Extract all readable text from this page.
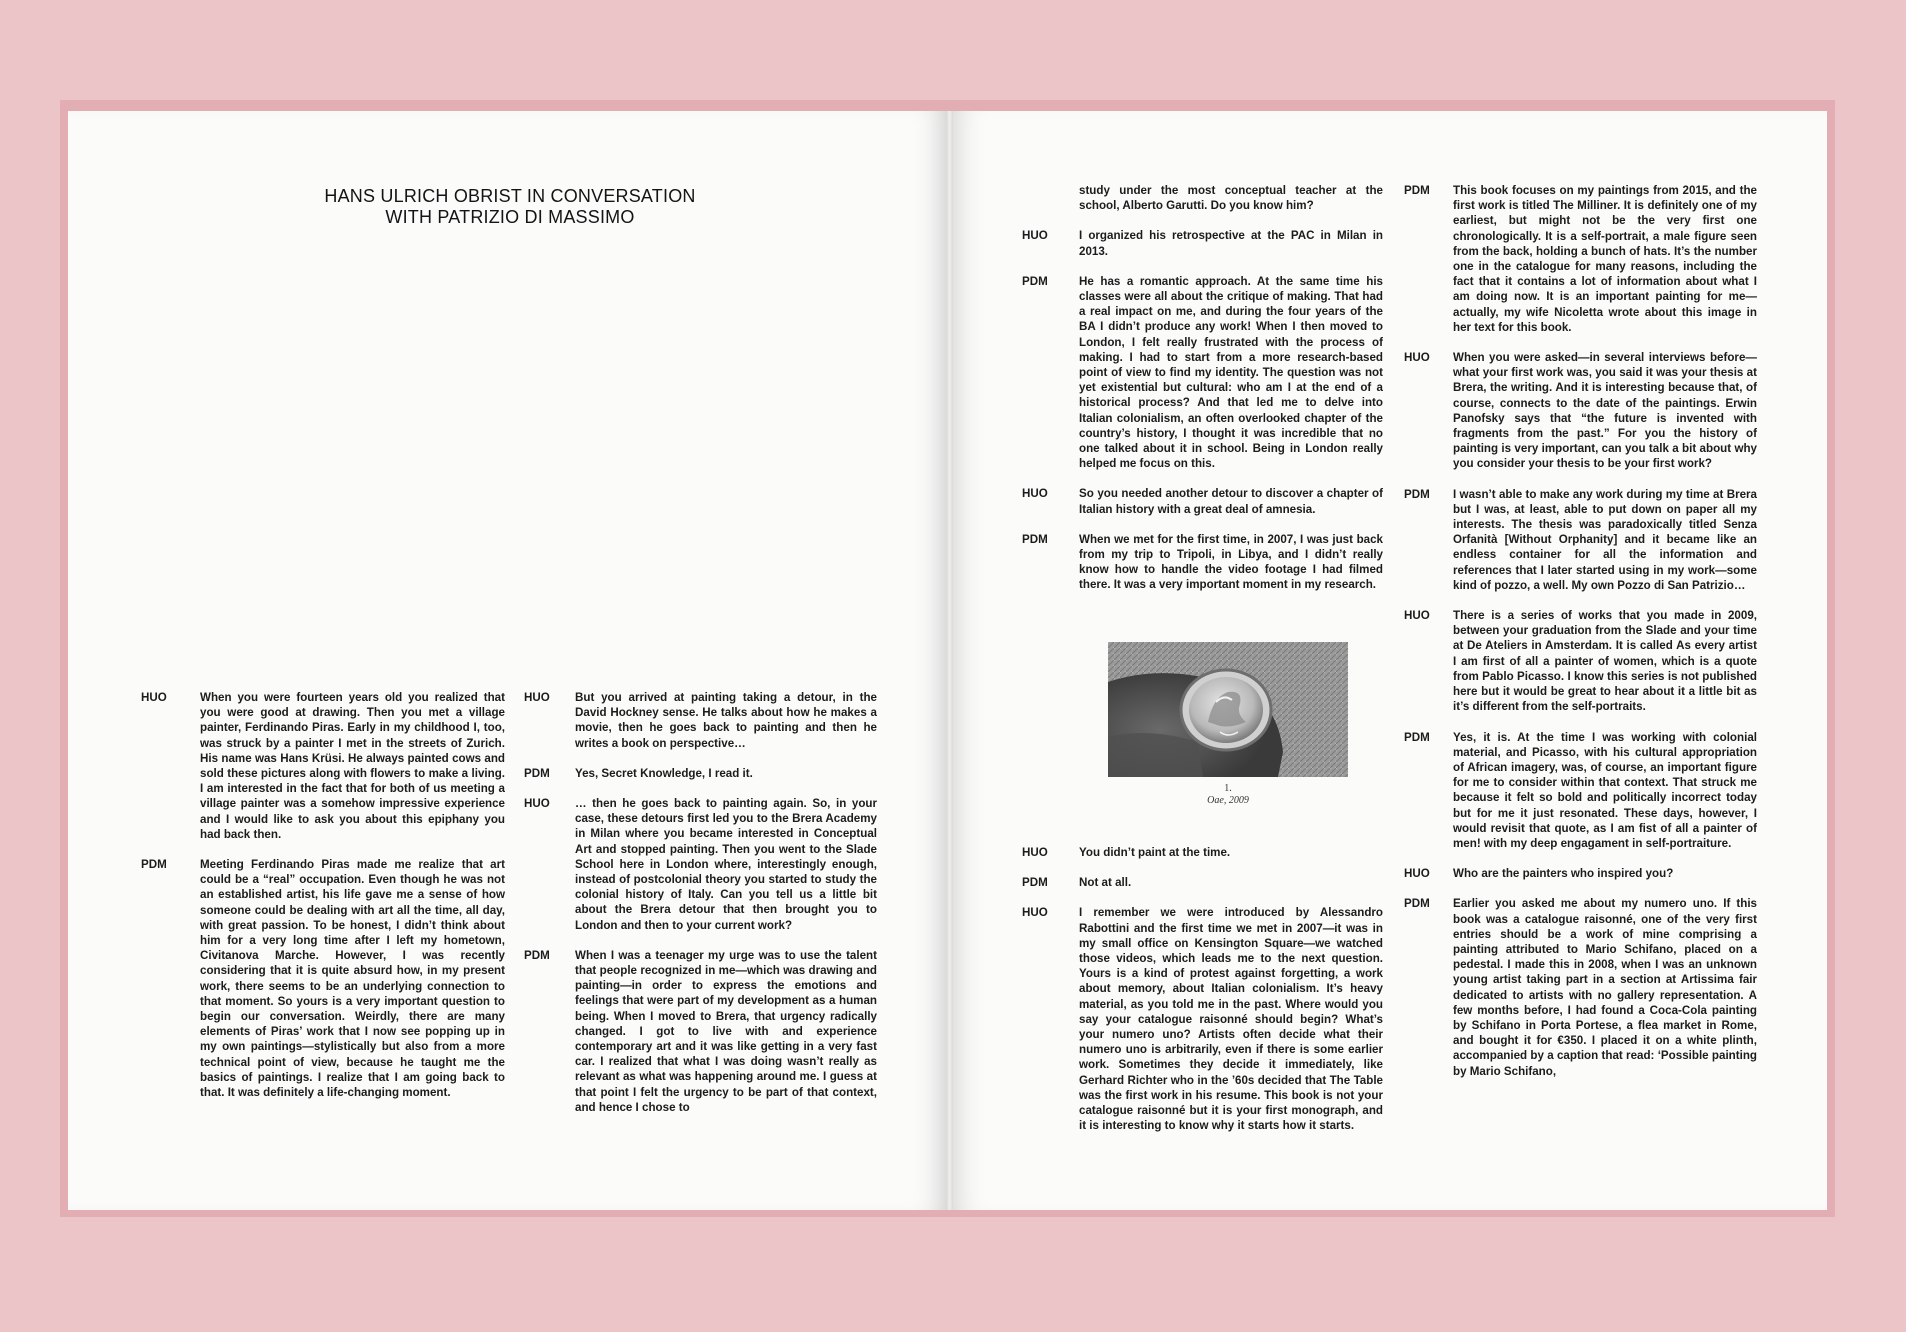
HANS ULRICH OBRIST IN CONVERSATION
WITH PATRIZIO DI MASSIMO
HUO	When you were fourteen years old you realized that you were good at drawing. Then you met a village painter, Ferdinando Piras. Early in my childhood I, too, was struck by a painter I met in the streets of Zurich. His name was Hans Krüsi. He always painted cows and sold these pictures along with flowers to make a living. I am interested in the fact that for both of us meeting a village painter was a somehow impressive experience and I would like to ask you about this epiphany you had back then.
PDM	Meeting Ferdinando Piras made me realize that art could be a “real” occupation. Even though he was not an established artist, his life gave me a sense of how someone could be dealing with art all the time, all day, with great passion. To be honest, I didn’t think about him for a very long time after I left my hometown, Civitanova Marche. However, I was recently considering that it is quite absurd how, in my present work, there seems to be an underlying connection to that moment. So yours is a very important question to begin our conversation. Weirdly, there are many elements of Piras’ work that I now see popping up in my own paintings—stylistically but also from a more technical point of view, because he taught me the basics of paintings. I realize that I am going back to that. It was definitely a life-changing moment.
HUO But you arrived at painting taking a detour, in the David Hockney sense. He talks about how he makes a movie, then he goes back to painting and then he writes a book on perspective…
PDM Yes, Secret Knowledge, I read it.
HUO … then he goes back to painting again. So, in your case, these detours first led you to the Brera Academy in Milan where you became interested in Conceptual Art and stopped painting. Then you went to the Slade School here in London where, interestingly enough, instead of postcolonial theory you started to study the colonial history of Italy. Can you tell us a little bit about the Brera detour that then brought you to London and then to your current work?
PDM When I was a teenager my urge was to use the talent that people recognized in me—which was drawing and painting—in order to express the emotions and feelings that were part of my development as a human being. When I moved to Brera, that urgency radically changed. I got to live with and experience contemporary art and it was like getting in a very fast car. I realized that what I was doing wasn’t really as relevant as what was happening around me. I guess at that point I felt the urgency to be part of that context, and hence I chose to
study under the most conceptual teacher at the school, Alberto Garutti. Do you know him?
HUO	I organized his retrospective at the PAC in Milan in 2013.
PDM	He has a romantic approach. At the same time his classes were all about the critique of making. That had a real impact on me, and during the four years of the BA I didn’t produce any work! When I then moved to London, I felt really frustrated with the process of making. I had to start from a more research-based point of view to find my identity. The question was not yet existential but cultural: who am I at the end of a historical process? And that led me to delve into Italian colonialism, an often overlooked chapter of the country’s history, I thought it was incredible that no one talked about it in school. Being in London really helped me focus on this.
HUO	So you needed another detour to discover a chapter of Italian history with a great deal of amnesia.
PDM	When we met for the first time, in 2007, I was just back from my trip to Tripoli, in Libya, and I didn’t really know how to handle the video footage I had filmed there. It was a very important moment in my research.
1.
Oae, 2009
HUO	You didn’t paint at the time.
PDM	Not at all.
HUO	I remember we were introduced by Alessandro Rabottini and the first time we met in 2007—it was in my small office on Kensington Square—we watched those videos, which leads me to the next question. Yours is a kind of protest against forgetting, a work about memory, about Italian colonialism. It’s heavy material, as you told me in the past. Where would you say your catalogue raisonné should begin? What’s your numero uno? Artists often decide what their numero uno is arbitrarily, even if there is some earlier work. Sometimes they decide it immediately, like Gerhard Richter who in the ’60s decided that The Table was the first work in his resume. This book is not your catalogue raisonné but it is your first monograph, and it is interesting to know why it starts how it starts.
PDM This book focuses on my paintings from 2015, and the first work is titled The Milliner. It is definitely one of my earliest, but might not be the very first one chronologically. It is a self-portrait, a male figure seen from the back, holding a bunch of hats. It’s the number one in the catalogue for many reasons, including the fact that it contains a lot of information about what I am doing now. It is an important painting for me—actually, my wife Nicoletta wrote about this image in her text for this book.
HUO When you were asked—in several interviews before—what your first work was, you said it was your thesis at Brera, the writing. And it is interesting because that, of course, connects to the date of the paintings. Erwin Panofsky says that “the future is invented with fragments from the past.” For you the history of painting is very important, can you talk a bit about why you consider your thesis to be your first work?
PDM I wasn’t able to make any work during my time at Brera but I was, at least, able to put down on paper all my interests. The thesis was paradoxically titled Senza Orfanità [Without Orphanity] and it became like an endless container for all the information and references that I later started using in my work—some kind of pozzo, a well. My own Pozzo di San Patrizio…
HUO There is a series of works that you made in 2009, between your graduation from the Slade and your time at De Ateliers in Amsterdam. It is called As every artist I am first of all a painter of women, which is a quote from Pablo Picasso. I know this series is not published here but it would be great to hear about it a little bit as it’s different from the self-portraits.
PDM Yes, it is. At the time I was working with colonial material, and Picasso, with his cultural appropriation of African imagery, was, of course, an important figure for me to consider within that context. That struck me because it felt so bold and politically incorrect today but for me it just resonated. These days, however, I would revisit that quote, as I am fist of all a painter of men! with my deep engagament in self-portraiture.
HUO Who are the painters who inspired you?
PDM Earlier you asked me about my numero uno. If this book was a catalogue raisonné, one of the very first entries should be a work of mine comprising a painting attributed to Mario Schifano, placed on a pedestal. I made this in 2008, when I was an unknown young artist taking part in a section at Artissima fair dedicated to artists with no gallery representation. A few months before, I had found a Coca-Cola painting by Schifano in Porta Portese, a flea market in Rome, and bought it for €350. I placed it on a white plinth, accompanied by a caption that read: ‘Possible painting by Mario Schifano,
